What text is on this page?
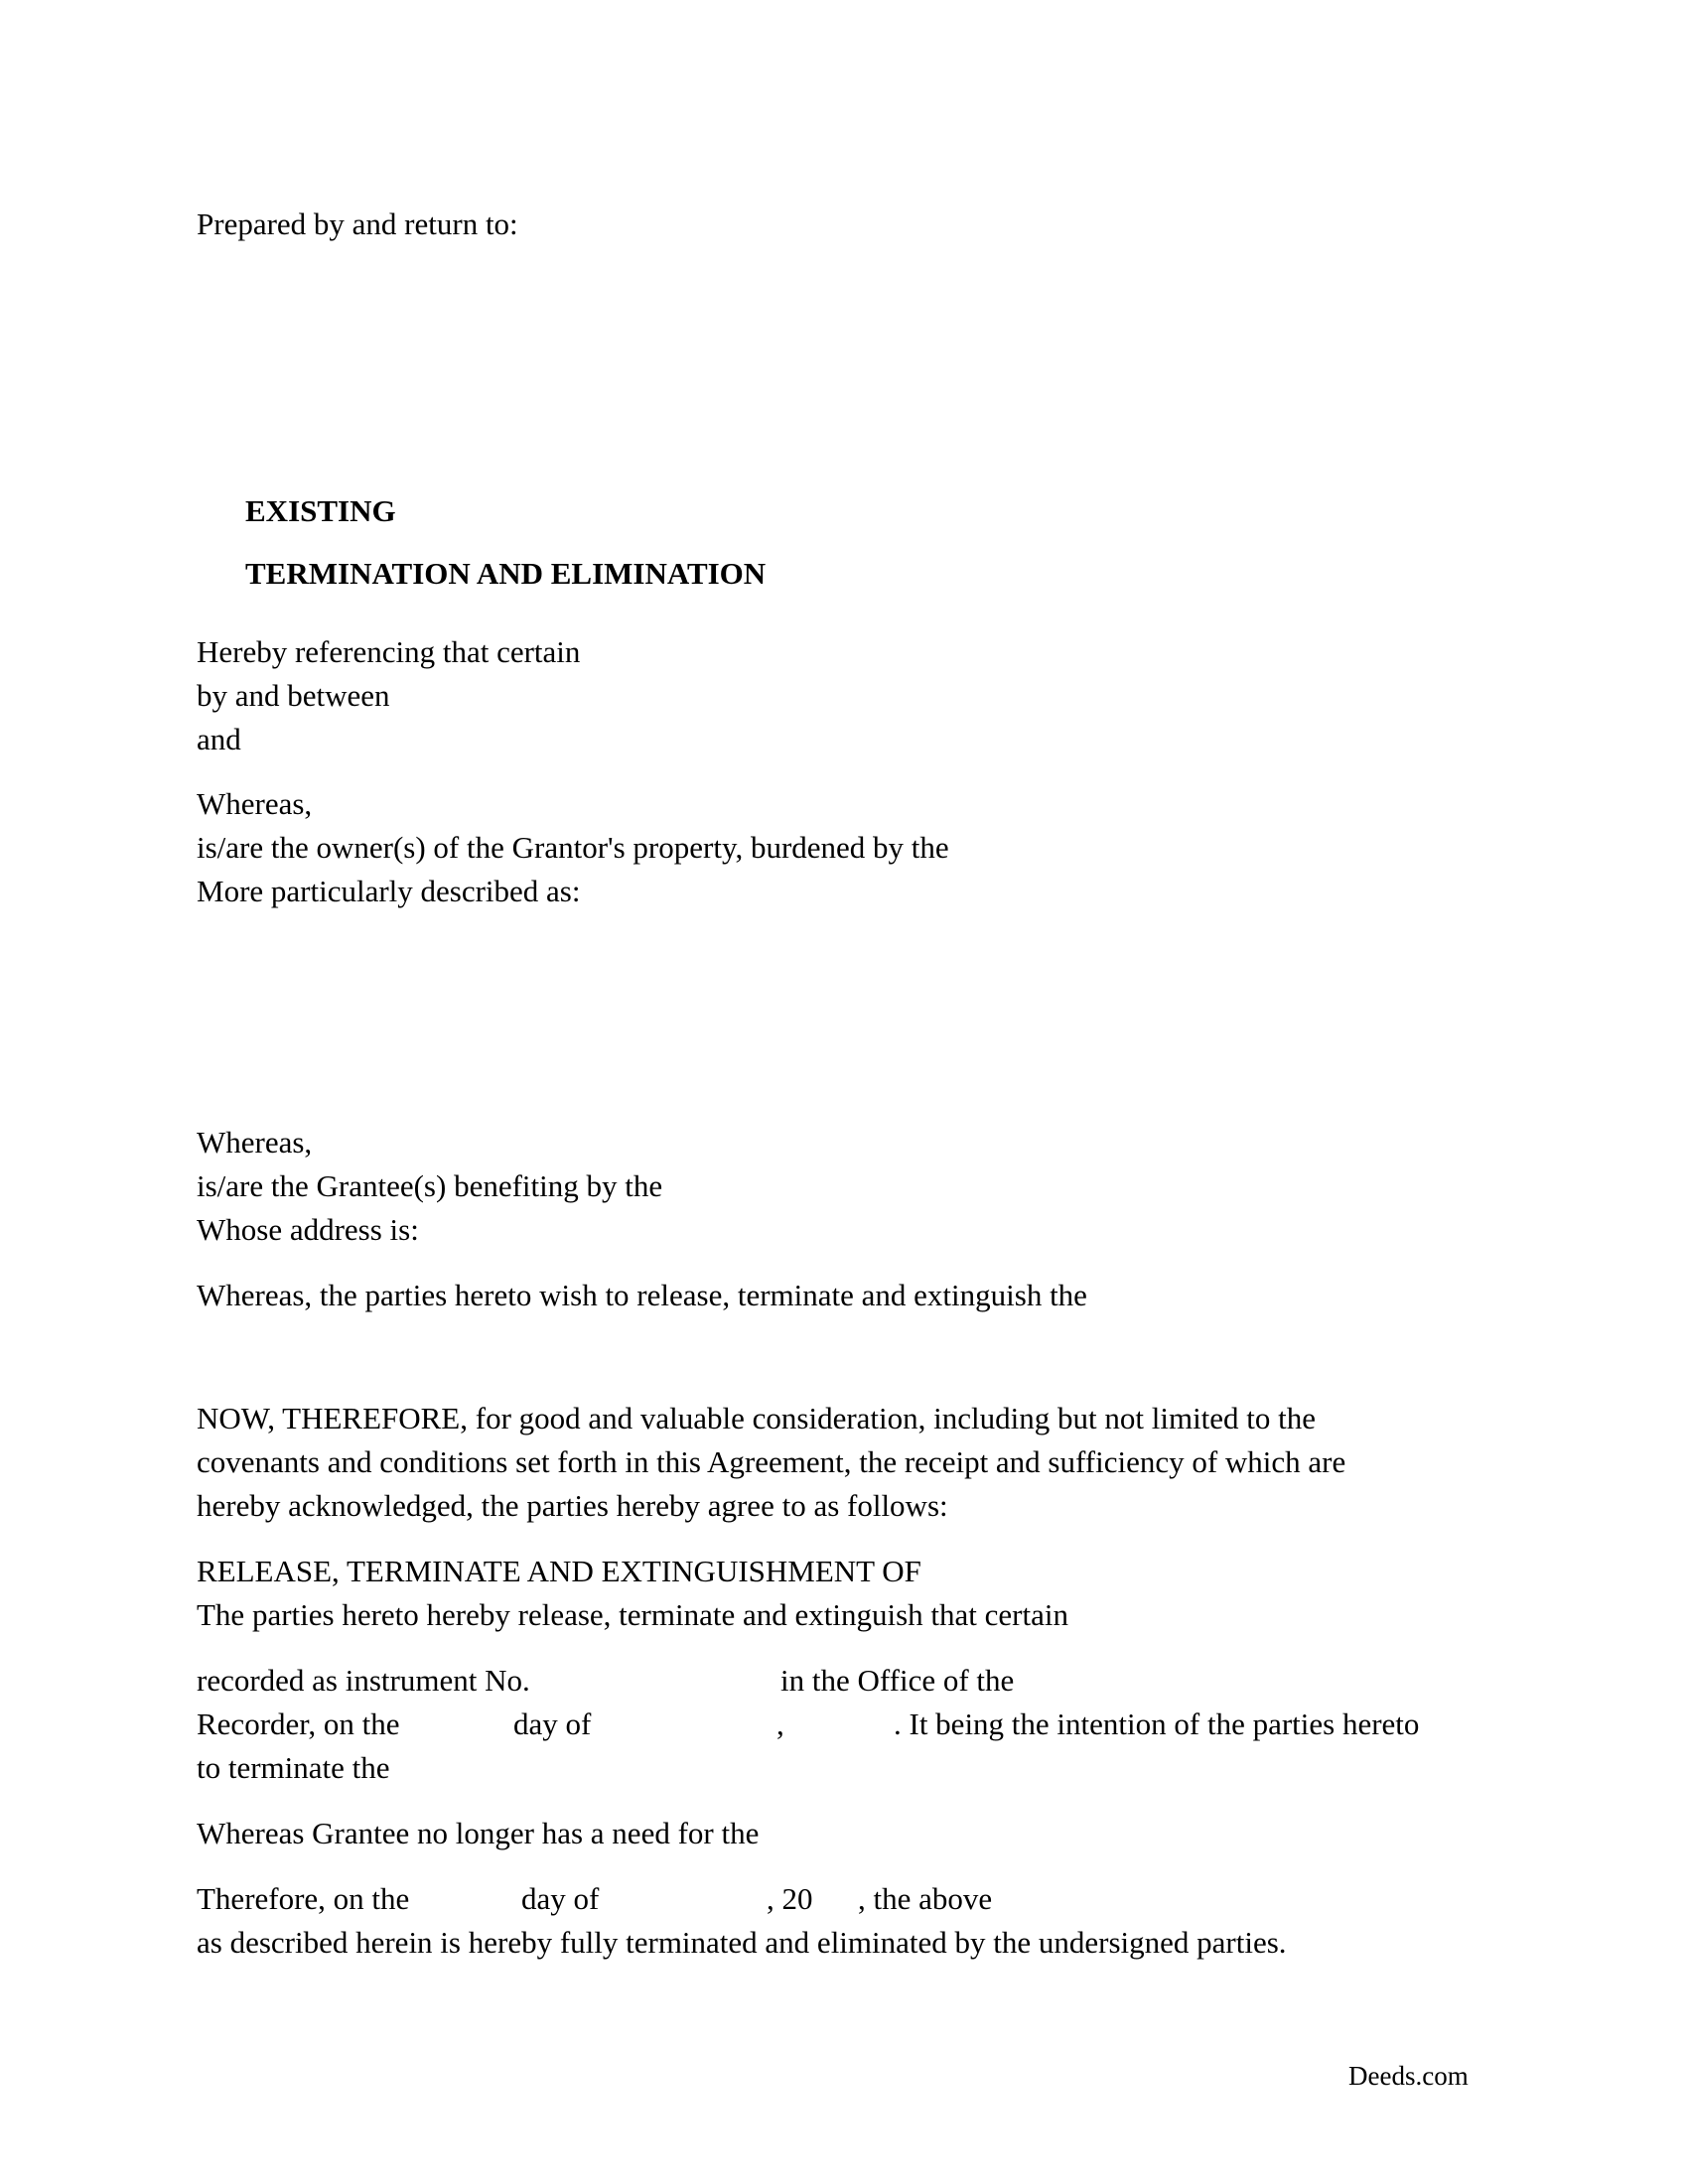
Prepared by and return to:

EXISTING

TERMINATION AND ELIMINATION

Hereby referencing that certain

by and between

and

Whereas,

is/are the owner(s) of the Grantor's property, burdened by the

More particularly described as:

Whereas,

is/are the Grantee(s) benefiting by the

Whose address is:

Whereas, the parties hereto wish to release, terminate and extinguish the

NOW, THEREFORE, for good and valuable consideration, including but not limited to the

covenants and conditions set forth in this Agreement, the receipt and sufficiency of which are

hereby acknowledged, the parties hereby agree to as follows:

RELEASE, TERMINATE AND EXTINGUISHMENT OF

The parties hereto hereby release, terminate and extinguish that certain

recorded as instrument No.	in the Office of the

Recorder, on the	day of	,	. It being the intention of the parties hereto

to terminate the

Whereas Grantee no longer has a need for the

Therefore, on the	day of	, 20 , the above

as described herein is hereby fully terminated and eliminated by the undersigned parties.

Deeds.com
